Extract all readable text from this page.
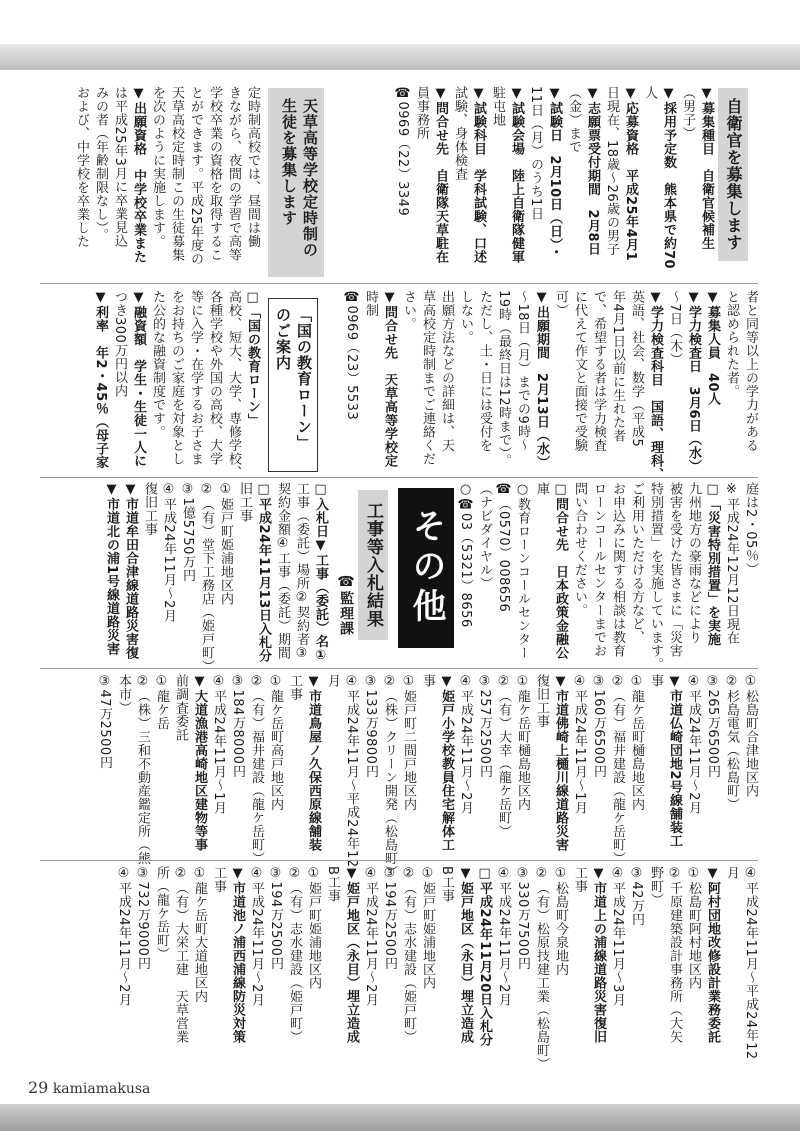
自衛官を募集します
▼募集種目　自衛官候補生
（男子）
▼採用予定数　熊本県で約70
人
▼応募資格　平成25年4月1
日現在、18歳～26歳の男子
▼志願票受付期間　2月8日
（金）まで
▼試験日　2月10日（日）・
11日（月）のうち1日
▼試験会場　陸上自衛隊健軍
駐屯地
▼試験科目　学科試験、口述
試験、身体検査
▼問合せ先　自衛隊天草駐在
員事務所
☎0969（22）3349
天草高等学校定時制の生徒を募集します
定時制高校では、昼間は働
きながら、夜間の学習で高等
学校卒業の資格を取得するこ
とができます。平成25年度の
天草高校定時制この生徒募集
を次のように実施します。
▼出願資格　中学校卒業また
は平成25年3月に卒業見込
みの者（年齢制限なし）。
および、中学校を卒業した
者と同等以上の学力がある
と認められた者。
▼募集人員　40人
▼学力検査日　3月6日（水）
～7日（木）
▼学力検査科目　国語、理科、
英語、社会、数学（平成5
年4月1日以前に生れた者
で、希望する者は学力検査
に代えて作文と面接で受験
可）
▼出願期間　2月13日（水）
～18日（月）までの9時～
19時（最終日は12時まで）。
ただし、土・日には受付を
しない。
出願方法などの詳細は、天
草高校定時制までご連絡くだ
さい。
▼問合せ先　天草高等学校定
時制
☎0969（23）5533
「国の教育ローン」のご案内
□「国の教育ローン」
高校、短大、大学、専修学校、
各種学校や外国の高校、大学
等に入学・在学するお子さま
をお持ちのご家庭を対象とし
た公的な融資制度です。
▼融資額　学生・生徒一人に
つき300万円以内
▼利率　年2・45％（母子家
庭は2・05％）
※平成24年12月12日現在
□「災害特別措置」を実施
九州地方の豪雨などにより
被害を受けた皆さまに「災害
特別措置」を実施しています。
ご利用いただける方など、
お申込みに関する相談は教育
ローンコールセンターまでお
問い合わせください。
□問合せ先　日本政策金融公
庫
○教育ローンコールセンター
☎（0570）008656
（ナビダイヤル）
○☎03（5321）8656
その他
工事等入札結果
☎監理課
□入札日▼工事（委託）名①
工事（委託）場所②契約者③
契約金額④工事（委託）期間
□平成24年11月13日入札分
旧工事
①姫戸町姫浦地区内
②（有）堂下工務店（姫戸町）
③1億5750万円
④平成24年11月～2月
復旧工事
▼市道牟田合津線道路災害復
▼市道北の浦1号線道路災害
①松島町合津地区内
②杉島電気（松島町）
③265万6500円
④平成24年11月～2月
▼市道仏崎団地2号線舗装工
事
①龍ケ岳町樋島地区内
②（有）福井建設（龍ケ岳町）
③160万6500円
④平成24年11月～1月
▼市道佛崎上樋川線道路災害
復旧工事
①龍ケ岳町樋島地区内
②（有）大幸（龍ケ岳町）
③257万2500円
④平成24年11月～2月
▼姫戸小学校教員住宅解体工
事
①姫戸町二間戸地区内
②（株）クリーン開発（松島町）
③133万9800円
④平成24年11月～平成24年12
月
▼市道鳥屋ノ久保西原線舗装
工事
①龍ケ岳町高戸地区内
②（有）福井建設（龍ケ岳町）
③184万8000円
④平成24年11月～1月
▼大道漁港高崎地区建物等事
前調査委託
①龍ケ岳
②（株）三和不動産鑑定所（熊
本市）
③47万2500円
④平成24年11月～平成24年12
月
▼阿村団地改修設計業務委託
①松島町阿村地区内
②千原建築設計事務所（大矢
野町）
③42万円
④平成24年11月～3月
▼市道上の浦線道路災害復旧
工事
①松島町今泉地内
②（有）松原技建工業（松島町）
③330万7500円
④平成24年11月～2月
□平成24年11月20日入札分
▼姫戸地区（永目）埋立造成
B工事
①姫戸町姫浦地区内
②（有）志水建設（姫戸町）
③194万2500円
④平成24年11月～2月
▼姫戸地区（永目）埋立造成
B工事
①姫戸町姫浦地区内
②（有）志水建設（姫戸町）
③194万2500円
④平成24年11月～2月
▼市道池ノ浦西浦線防災対策
工事
①龍ケ岳町大道地区内
②（有）大栄工建　天草営業
所（龍ケ岳町）
③732万9000円
④平成24年11月～2月
29 kamiamakusa
